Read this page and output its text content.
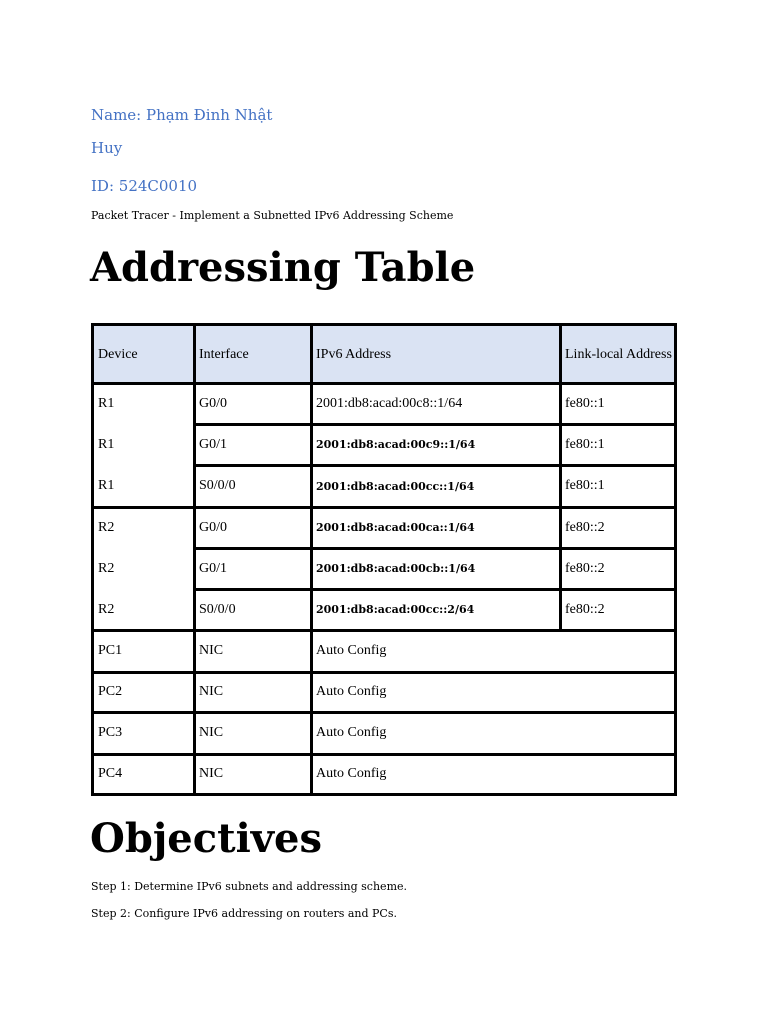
Name: Phạm Đinh Nhật
Huy
ID: 524C0010
Packet Tracer - Implement a Subnetted IPv6 Addressing Scheme
Addressing Table
Device	Interface	IPv6 Address	Link-local Address
R1	G0/0	2001:db8:acad:00c8::1/64	fe80::1
R1	G0/1	2001:db8:acad:00c9::1/64	fe80::1
R1	S0/0/0	2001:db8:acad:00cc::1/64	fe80::1
R2	G0/0	2001:db8:acad:00ca::1/64	fe80::2
R2	G0/1	2001:db8:acad:00cb::1/64	fe80::2
R2	S0/0/0	2001:db8:acad:00cc::2/64	fe80::2
PC1	NIC	Auto Config
PC2	NIC	Auto Config
PC3	NIC	Auto Config
PC4	NIC	Auto Config
Objectives
Step 1: Determine IPv6 subnets and addressing scheme.
Step 2: Configure IPv6 addressing on routers and PCs.
